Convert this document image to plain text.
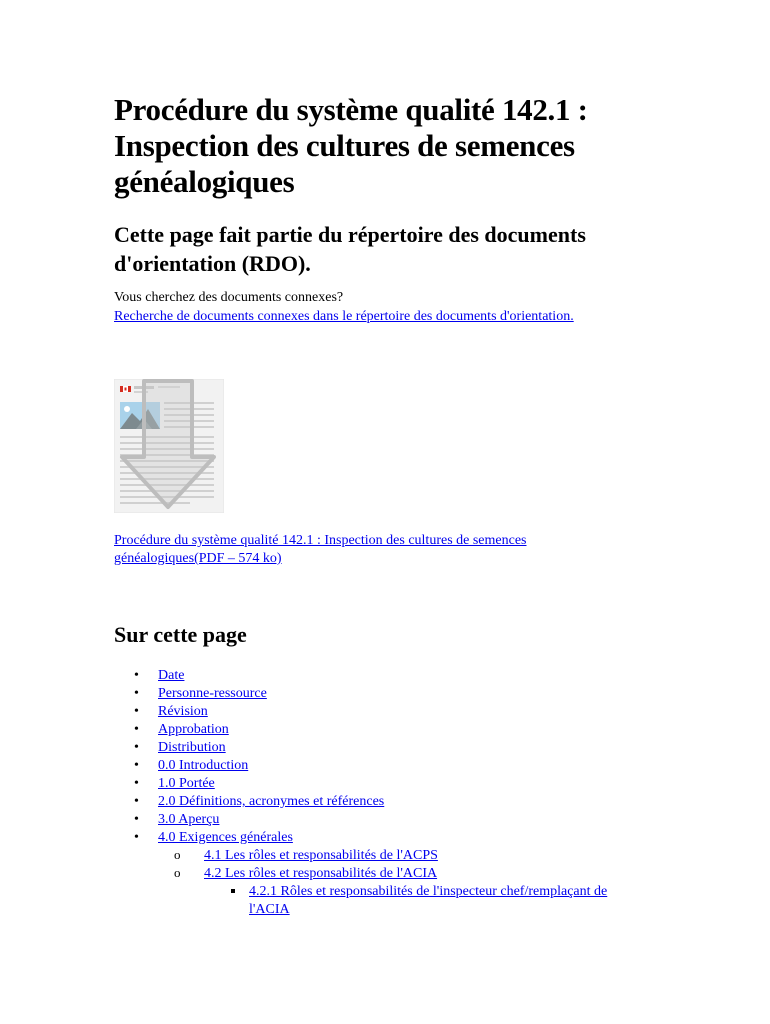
Procédure du système qualité 142.1 : Inspection des cultures de semences généalogiques
Cette page fait partie du répertoire des documents d'orientation (RDO).

Vous cherchez des documents connexes?

Recherche de documents connexes dans le répertoire des documents d'orientation.
Procédure du système qualité 142.1 : Inspection des cultures de semences généalogiques(PDF – 574 ko)
Sur cette page
• Date
• Personne-ressource
• Révision
• Approbation
• Distribution
• 0.0 Introduction
• 1.0 Portée
• 2.0 Définitions, acronymes et références
• 3.0 Aperçu
• 4.0 Exigences générales
o 4.1 Les rôles et responsabilités de l'ACPS
o 4.2 Les rôles et responsabilités de l'ACIA
4.2.1 Rôles et responsabilités de l'inspecteur chef/remplaçant de l'ACIA
